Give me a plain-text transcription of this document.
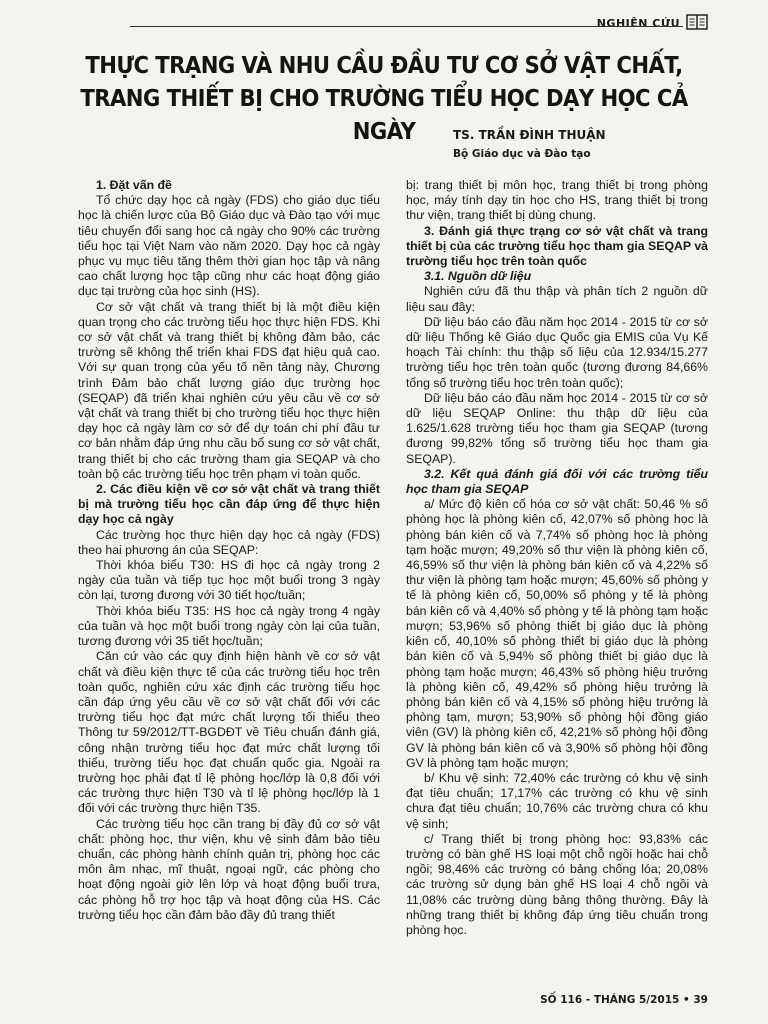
NGHIÊN CỨU
THỰC TRẠNG VÀ NHU CẦU ĐẦU TƯ CƠ SỞ VẬT CHẤT,
TRANG THIẾT BỊ CHO TRƯỜNG TIỂU HỌC DẠY HỌC CẢ NGÀY	TS. TRẦN ĐÌNH THUẬN
Bộ Giáo dục và Đào tạo
1. Đặt vấn đề

Tổ chức dạy học cả ngày (FDS) cho giáo dục tiểu học là chiến lược của Bộ Giáo dục và Đào tạo với mục tiêu chuyển đổi sang học cả ngày cho 90% các trường tiểu học tại Việt Nam vào năm 2020. Dạy học cả ngày phục vụ mục tiêu tăng thêm thời gian học tập và nâng cao chất lượng học tập cũng như các hoạt động giáo dục tại trường của học sinh (HS).

Cơ sở vật chất và trang thiết bị là một điều kiện quan trọng cho các trường tiểu học thực hiện FDS. Khi cơ sở vật chất và trang thiết bị không đảm bảo, các trường sẽ không thể triển khai FDS đạt hiệu quả cao. Với sự quan trọng của yếu tố nền tảng này, Chương trình Đảm bảo chất lượng giáo dục trường học (SEQAP) đã triển khai nghiên cứu yêu cầu về cơ sở vật chất và trang thiết bị cho trường tiểu học thực hiện dạy học cả ngày làm cơ sở để dự toán chi phí đầu tư cơ bản nhằm đáp ứng nhu cầu bổ sung cơ sở vật chất, trang thiết bị cho các trường tham gia SEQAP và cho toàn bộ các trường tiểu học trên phạm vi toàn quốc.

2. Các điều kiện về cơ sở vật chất và trang thiết bị mà trường tiểu học cần đáp ứng để thực hiện dạy học cả ngày

Các trường học thực hiện dạy học cả ngày (FDS) theo hai phương án của SEQAP:

Thời khóa biểu T30: HS đi học cả ngày trong 2 ngày của tuần và tiếp tục học một buổi trong 3 ngày còn lại, tương đương với 30 tiết học/tuần;

Thời khóa biểu T35: HS học cả ngày trong 4 ngày của tuần và học một buổi trong ngày còn lại của tuần, tương đương với 35 tiết học/tuần;

Căn cứ vào các quy định hiện hành về cơ sở vật chất và điều kiện thực tế của các trường tiểu học trên toàn quốc, nghiên cứu xác định các trường tiểu học cần đáp ứng yêu cầu về cơ sở vật chất đối với các trường tiểu học đạt mức chất lượng tối thiểu theo Thông tư 59/2012/TT-BGDĐT về Tiêu chuẩn đánh giá, công nhận trường tiểu học đạt mức chất lượng tối thiểu, trường tiểu học đạt chuẩn quốc gia. Ngoài ra trường học phải đạt tỉ lệ phòng học/lớp là 0,8 đối với các trường thực hiện T30 và tỉ lệ phòng học/lớp là 1 đối với các trường thực hiện T35.

Các trường tiểu học cần trang bị đầy đủ cơ sở vật chất: phòng học, thư viện, khu vệ sinh đảm bảo tiêu chuẩn, các phòng hành chính quản trị, phòng học các môn âm nhạc, mĩ thuật, ngoại ngữ, các phòng cho hoạt động ngoài giờ lên lớp và hoạt động buổi trưa, các phòng hỗ trợ học tập và hoạt động của HS. Các trường tiểu học cần đảm bảo đầy đủ trang thiết

bị: trang thiết bị môn học, trang thiết bị trong phòng học, máy tính dạy tin học cho HS, trang thiết bị trong thư viện, trang thiết bị dùng chung.

3. Đánh giá thực trạng cơ sở vật chất và trang thiết bị của các trường tiểu học tham gia SEQAP và trường tiểu học trên toàn quốc
3.1. Nguồn dữ liệu

Nghiên cứu đã thu thập và phân tích 2 nguồn dữ liệu sau đây:

Dữ liệu báo cáo đầu năm học 2014 - 2015 từ cơ sở dữ liệu Thống kê Giáo dục Quốc gia EMIS của Vụ Kế hoạch Tài chính: thu thập số liệu của 12.934/15.277 trường tiểu học trên toàn quốc (tương đương 84,66% tổng số trường tiểu học trên toàn quốc);

Dữ liệu báo cáo đầu năm học 2014 - 2015 từ cơ sở dữ liệu SEQAP Online: thu thập dữ liệu của 1.625/1.628 trường tiểu học tham gia SEQAP (tương đương 99,82% tổng số trường tiểu học tham gia SEQAP).

3.2. Kết quả đánh giá đối với các trường tiểu học tham gia SEQAP

a/ Mức độ kiên cố hóa cơ sở vật chất: 50,46 % số phòng học là phòng kiên cố, 42,07% số phòng học là phòng bán kiên cố và 7,74% số phòng học là phòng tạm hoặc mượn; 49,20% số thư viện là phòng kiên cố, 46,59% số thư viện là phòng bán kiên cố và 4,22% số thư viện là phòng tạm hoặc mượn; 45,60% số phòng y tế là phòng kiên cố, 50,00% số phòng y tế là phòng bán kiên cố và 4,40% số phòng y tế là phòng tạm hoặc mượn; 53,96% số phòng thiết bị giáo dục là phòng kiên cố, 40,10% số phòng thiết bị giáo dục là phòng bán kiên cố và 5,94% số phòng thiết bị giáo dục là phòng tạm hoặc mượn; 46,43% số phòng hiệu trưởng là phòng kiên cố, 49,42% số phòng hiệu trưởng là phòng bán kiên cố và 4,15% số phòng hiệu trưởng là phòng tạm, mượn; 53,90% số phòng hội đồng giáo viên (GV) là phòng kiên cố, 42,21% số phòng hội đồng GV là phòng bán kiên cố và 3,90% số phòng hội đồng GV là phòng tạm hoặc mượn;

b/ Khu vệ sinh: 72,40% các trường có khu vệ sinh đạt tiêu chuẩn; 17,17% các trường có khu vệ sinh chưa đạt tiêu chuẩn; 10,76% các trường chưa có khu vệ sinh;

c/ Trang thiết bị trong phòng học: 93,83% các trường có bàn ghế HS loại một chỗ ngồi hoặc hai chỗ ngồi; 98,46% các trường có bảng chống lóa; 20,08% các trường sử dụng bàn ghế HS loại 4 chỗ ngồi và 11,08% các trường dùng bảng thông thường. Đây là những trang thiết bị không đáp ứng tiêu chuẩn trong phòng học.

SỐ 116 - THÁNG 5/2015 • 39
